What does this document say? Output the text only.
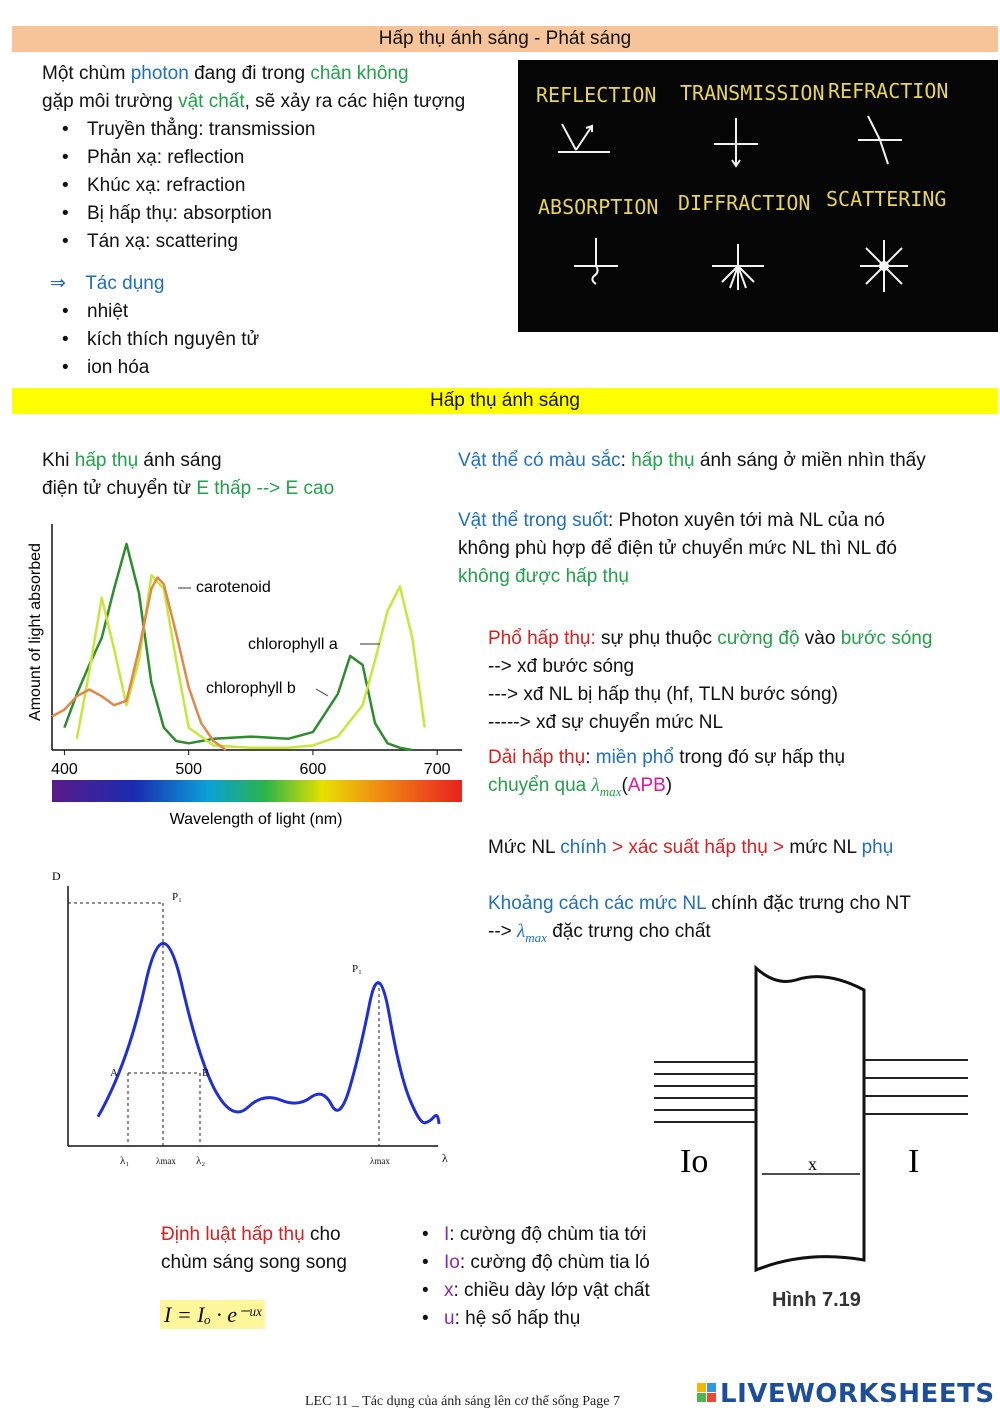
Hấp thụ ánh sáng - Phát sáng
Một chùm photon đang đi trong chân không
gặp môi trường vật chất, sẽ xảy ra các hiện tượng
• Truyền thẳng: transmission
• Phản xạ: reflection
• Khúc xạ: refraction
• Bị hấp thụ: absorption
• Tán xạ: scattering
⇒ Tác dụng
• nhiệt
• kích thích nguyên tử
• ion hóa
REFLECTION TRANSMISSION REFRACTION
ABSORPTION DIFFRACTION SCATTERING
Hấp thụ ánh sáng
Khi hấp thụ ánh sáng
điện tử chuyển từ E thấp --> E cao
Vật thể có màu sắc: hấp thụ ánh sáng ở miền nhìn thấy
Vật thể trong suốt: Photon xuyên tới mà NL của nó
không phù hợp để điện tử chuyển mức NL thì NL đó
không được hấp thụ
Phổ hấp thụ: sự phụ thuộc cường độ vào bước sóng
--> xđ bước sóng
---> xđ NL bị hấp thụ (hf, TLN bước sóng)
-----> xđ sự chuyển mức NL
Dải hấp thụ: miền phổ trong đó sự hấp thụ
chuyển qua $\lambda_{max}(APB)$
Mức NL chính > xác suất hấp thụ > mức NL phụ
Khoảng cách các mức NL chính đặc trưng cho NT
--> $\lambda_{max}$ đặc trưng cho chất
Amount of light absorbed
400	500	600	700
Wavelength of light (nm)
carotenoid
chlorophyll a
chlorophyll b
D
λ
P₁
P₁
A	B
λ₁	λmax λ₂	λmax	x
Io	I
Hình 7.19
Định luật hấp thụ cho
chùm sáng song song
I = Iₒ · e⁻ᵘˣ
• I: cường độ chùm tia tới
• Io: cường độ chùm tia ló
• x: chiều dày lớp vật chất
• u: hệ số hấp thụ
LEC 11 _ Tác dụng của ánh sáng lên cơ thể sống Page 7	LIVEWORKSHEETS
